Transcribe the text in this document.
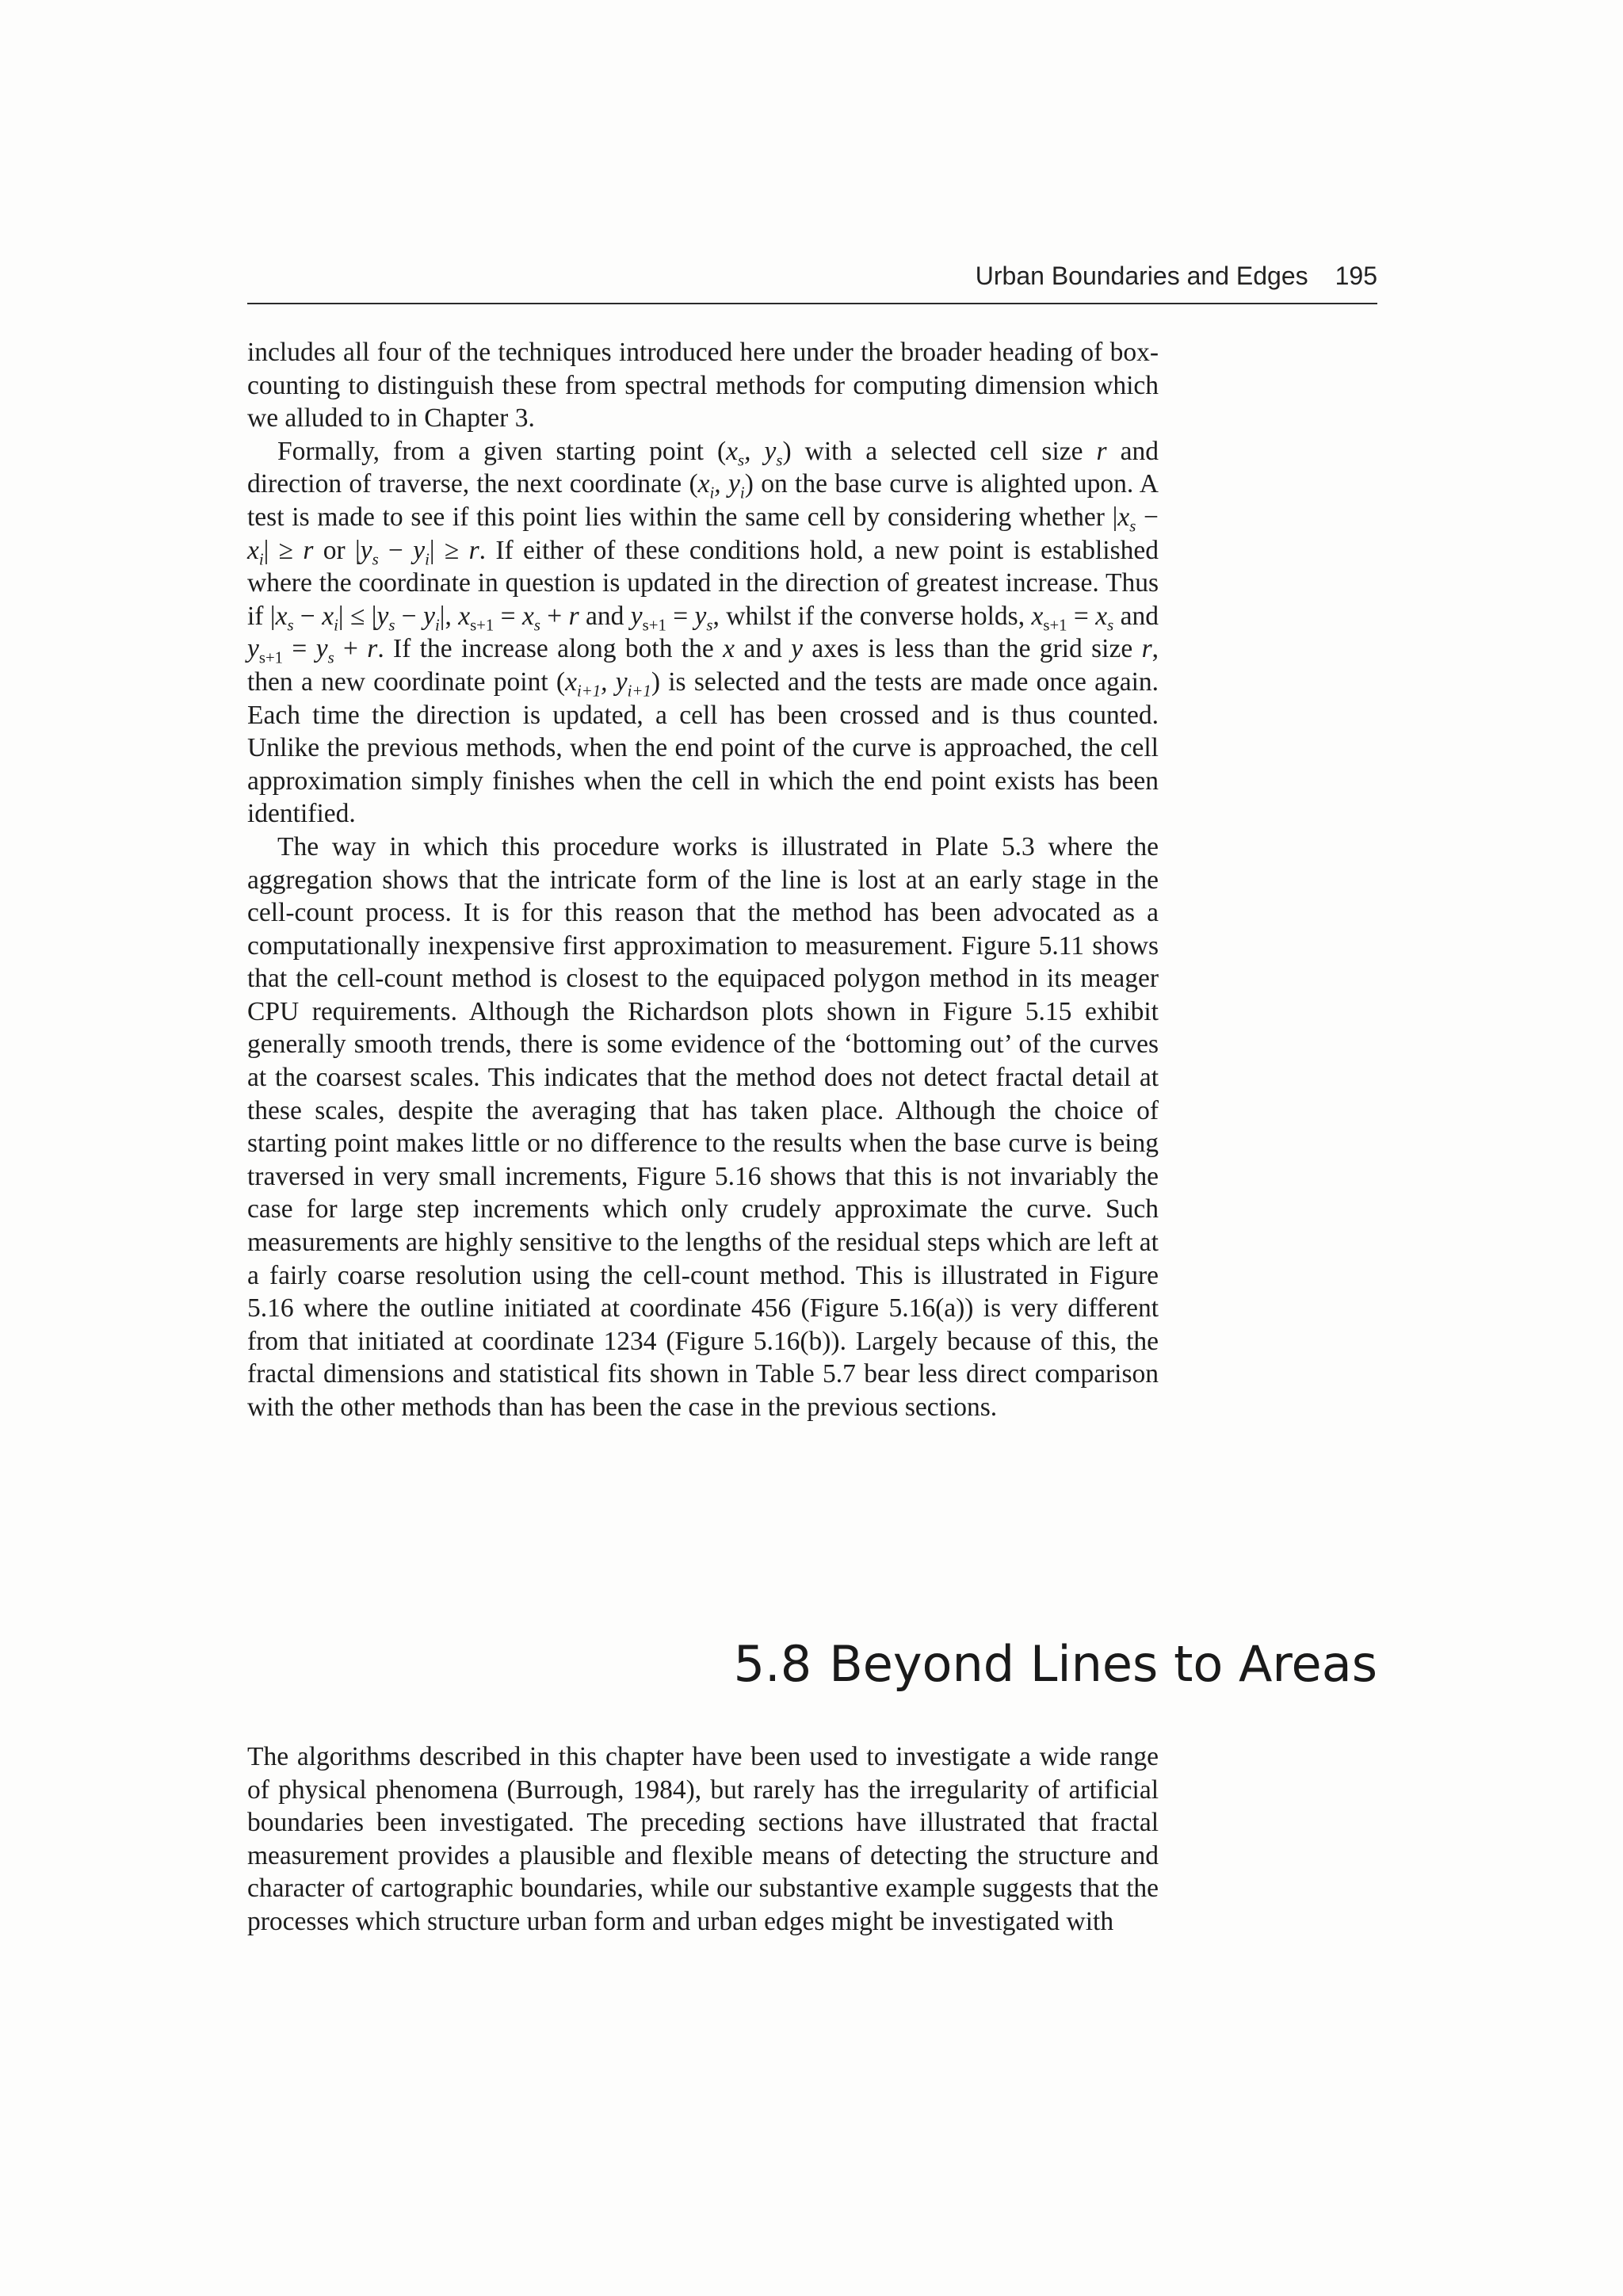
Urban Boundaries and Edges 195

includes all four of the techniques introduced here under the broader heading of box-counting to distinguish these from spectral methods for computing dimension which we alluded to in Chapter 3.

Formally, from a given starting point ($x_s$, $y_s$) with a selected cell size r and direction of traverse, the next coordinate ($x_i$, $y_i$) on the base curve is alighted upon. A test is made to see if this point lies within the same cell by considering whether $|x_s - x_i| \ge r$ or $|y_s - y_i| \ge r$. If either of these conditions hold, a new point is established where the coordinate in question is updated in the direction of greatest increase. Thus if $|x_s - x_i| \le |y_s - y_i|$, $x_{s+1} = x_s + r$ and $y_{s+1} = y_s$, whilst if the converse holds, $x_{s+1} = x_s$ and $y_{s+1} = y_s + r$. If the increase along both the x and y axes is less than the grid size r, then a new coordinate point ($x_{i+1}$, $y_{i+1}$) is selected and the tests are made once again. Each time the direction is updated, a cell has been crossed and is thus counted. Unlike the previous methods, when the end point of the curve is approached, the cell approximation simply finishes when the cell in which the end point exists has been identified.

The way in which this procedure works is illustrated in Plate 5.3 where the aggregation shows that the intricate form of the line is lost at an early stage in the cell-count process. It is for this reason that the method has been advocated as a computationally inexpensive first approximation to measurement. Figure 5.11 shows that the cell-count method is closest to the equipaced polygon method in its meager CPU requirements. Although the Richardson plots shown in Figure 5.15 exhibit generally smooth trends, there is some evidence of the ‘bottoming out’ of the curves at the coarsest scales. This indicates that the method does not detect fractal detail at these scales, despite the averaging that has taken place. Although the choice of starting point makes little or no difference to the results when the base curve is being traversed in very small increments, Figure 5.16 shows that this is not invariably the case for large step increments which only crudely approximate the curve. Such measurements are highly sensitive to the lengths of the residual steps which are left at a fairly coarse resolution using the cell-count method. This is illustrated in Figure 5.16 where the outline initiated at coordinate 456 (Figure 5.16(a)) is very different from that initiated at coordinate 1234 (Figure 5.16(b)). Largely because of this, the fractal dimensions and statistical fits shown in Table 5.7 bear less direct comparison with the other methods than has been the case in the previous sections.

5.8 Beyond Lines to Areas

The algorithms described in this chapter have been used to investigate a wide range of physical phenomena (Burrough, 1984), but rarely has the irregularity of artificial boundaries been investigated. The preceding sections have illustrated that fractal measurement provides a plausible and flexible means of detecting the structure and character of cartographic boundaries, while our substantive example suggests that the processes which structure urban form and urban edges might be investigated with
